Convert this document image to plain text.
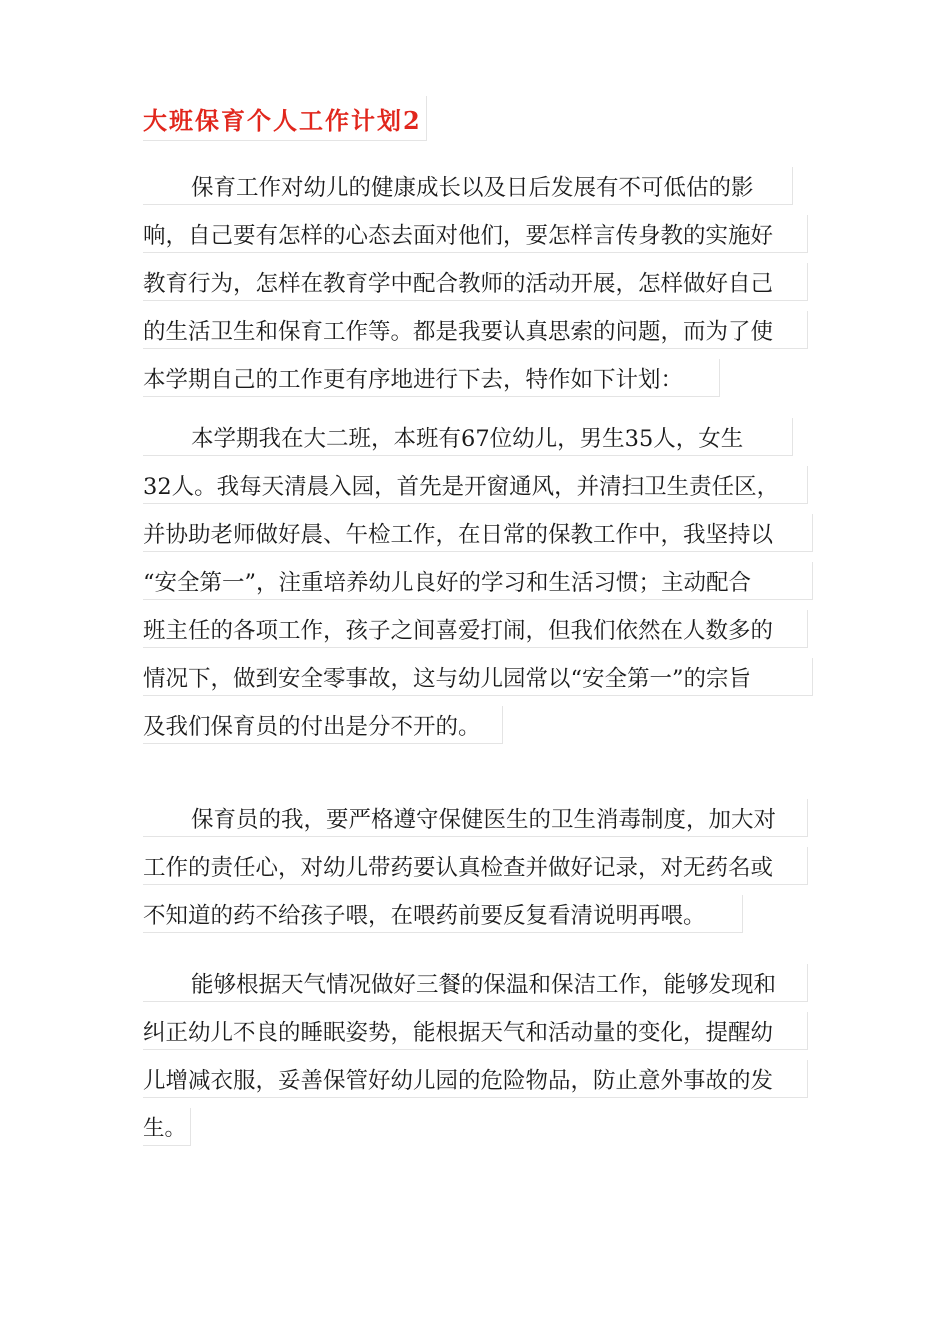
大班保育个人工作计划2
保育工作对幼儿的健康成长以及日后发展有不可低估的影
响，自己要有怎样的心态去面对他们，要怎样言传身教的实施好
教育行为，怎样在教育学中配合教师的活动开展，怎样做好自己
的生活卫生和保育工作等。都是我要认真思索的问题，而为了使
本学期自己的工作更有序地进行下去，特作如下计划：
本学期我在大二班，本班有67位幼儿，男生35人，女生
32人。我每天清晨入园，首先是开窗通风，并清扫卫生责任区，
并协助老师做好晨、午检工作，在日常的保教工作中，我坚持以
“安全第一”，注重培养幼儿良好的学习和生活习惯；主动配合
班主任的各项工作，孩子之间喜爱打闹，但我们依然在人数多的
情况下，做到安全零事故，这与幼儿园常以“安全第一”的宗旨
及我们保育员的付出是分不开的。
保育员的我，要严格遵守保健医生的卫生消毒制度，加大对
工作的责任心，对幼儿带药要认真检查并做好记录，对无药名或
不知道的药不给孩子喂，在喂药前要反复看清说明再喂。
能够根据天气情况做好三餐的保温和保洁工作，能够发现和
纠正幼儿不良的睡眠姿势，能根据天气和活动量的变化，提醒幼
儿增减衣服，妥善保管好幼儿园的危险物品，防止意外事故的发
生。
